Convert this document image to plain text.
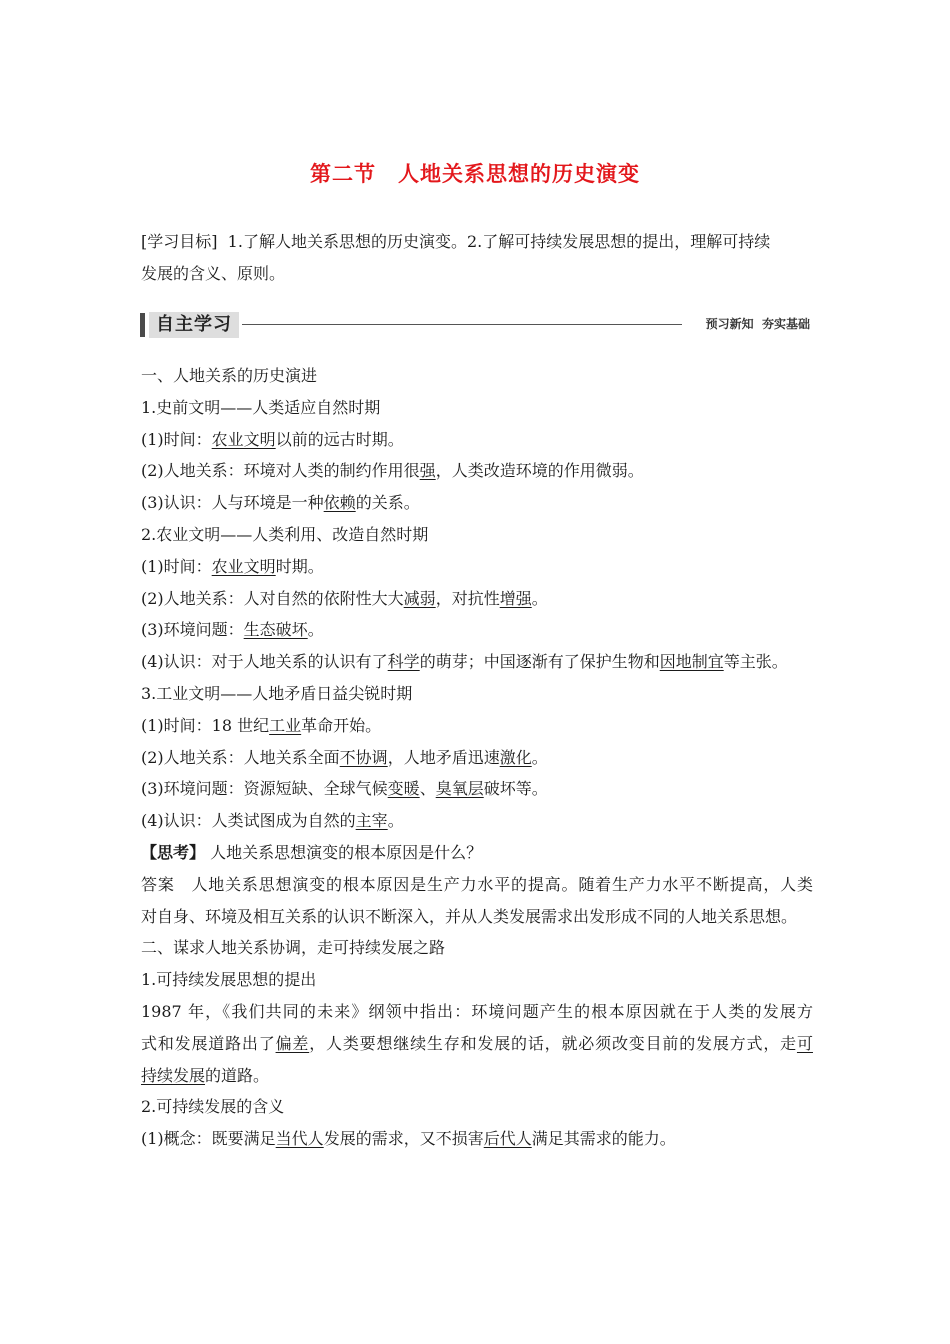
第二节　人地关系思想的历史演变
[学习目标] 1.了解人地关系思想的历史演变。2.了解可持续发展思想的提出，理解可持续
发展的含义、原则。
自主学习	预习新知  夯实基础
一、人地关系的历史演进
1.史前文明——人类适应自然时期
(1)时间：农业文明以前的远古时期。
(2)人地关系：环境对人类的制约作用很强，人类改造环境的作用微弱。
(3)认识：人与环境是一种依赖的关系。
2.农业文明——人类利用、改造自然时期
(1)时间：农业文明时期。
(2)人地关系：人对自然的依附性大大减弱，对抗性增强。
(3)环境问题：生态破坏。
(4)认识：对于人地关系的认识有了科学的萌芽；中国逐渐有了保护生物和因地制宜等主张。
3.工业文明——人地矛盾日益尖锐时期
(1)时间：18 世纪工业革命开始。
(2)人地关系：人地关系全面不协调，人地矛盾迅速激化。
(3)环境问题：资源短缺、全球气候变暖、臭氧层破坏等。
(4)认识：人类试图成为自然的主宰。
【思考】 人地关系思想演变的根本原因是什么？
答案　人地关系思想演变的根本原因是生产力水平的提高。随着生产力水平不断提高，人类
对自身、环境及相互关系的认识不断深入，并从人类发展需求出发形成不同的人地关系思想。
二、谋求人地关系协调，走可持续发展之路
1.可持续发展思想的提出
1987 年，《我们共同的未来》纲领中指出：环境问题产生的根本原因就在于人类的发展方
式和发展道路出了偏差，人类要想继续生存和发展的话，就必须改变目前的发展方式，走可
持续发展的道路。
2.可持续发展的含义
(1)概念：既要满足当代人发展的需求，又不损害后代人满足其需求的能力。
